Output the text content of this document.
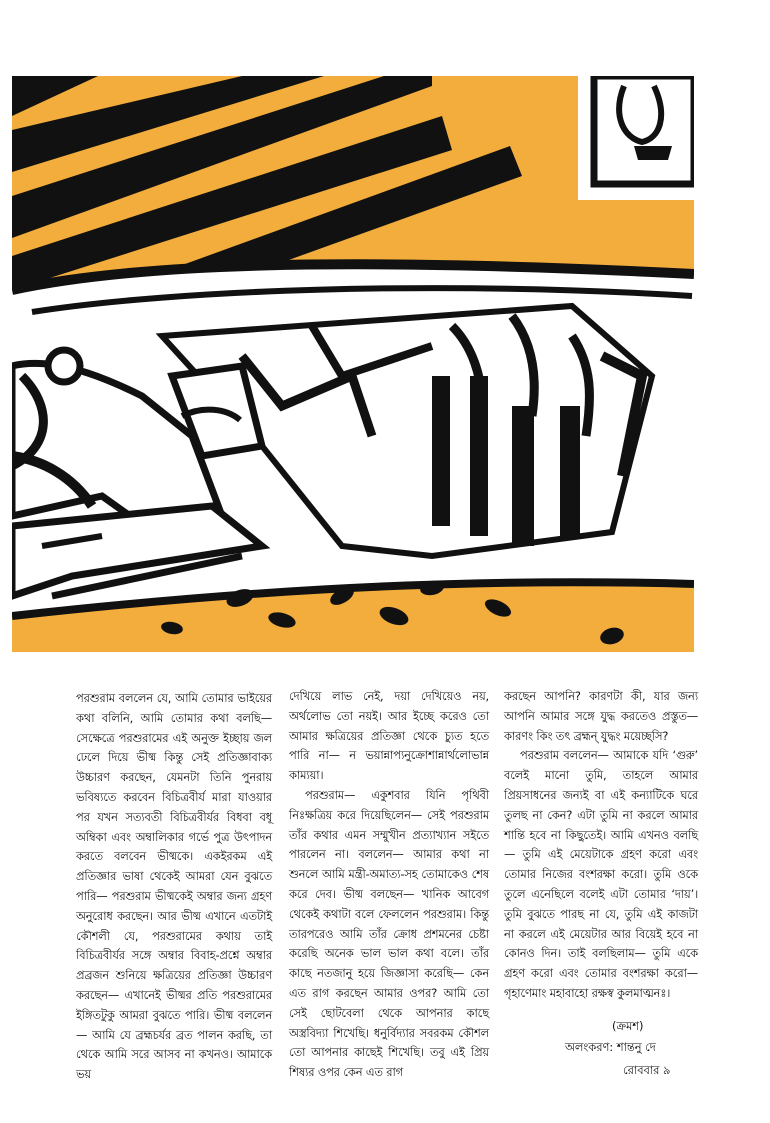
পরশুরাম বললেন যে, আমি তোমার ভাইয়ের কথা বলিনি, আমি তোমার কথা বলছি— সেক্ষেত্রে পরশুরামের এই অনুক্ত ইচ্ছায় জল ঢেলে দিয়ে ভীষ্ম কিন্তু সেই প্রতিজ্ঞাবাক্য উচ্চারণ করছেন, যেমনটা তিনি পুনরায় ভবিষ্যতে করবেন বিচিত্রবীর্য মারা যাওয়ার পর যখন সত্যবতী বিচিত্রবীর্যর বিধবা বধূ অম্বিকা এবং অম্বালিকার গর্ভে পুত্র উৎপাদন করতে বলবেন ভীষ্মকে। একইরকম এই প্রতিজ্ঞার ভাষা থেকেই আমরা যেন বুঝতে পারি— পরশুরাম ভীষ্মকেই অম্বার জন্য গ্রহণ অনুরোধ করছেন। আর ভীষ্ম এখানে এতটাই কৌশলী যে, পরশুরামের কথায় তাই বিচিত্রবীর্যর সঙ্গে অম্বার বিবাহ-প্রশ্নে অম্বার প্রব্রজন শুনিয়ে ক্ষত্রিয়ের প্রতিজ্ঞা উচ্চারণ করছেন— এখানেই ভীষ্মর প্রতি পরশুরামের ইঙ্গিতটুকু আমরা বুঝতে পারি। ভীষ্ম বললেন— আমি যে ব্রহ্মচর্যর ব্রত পালন করছি, তা থেকে আমি সরে আসব না কখনও। আমাকে ভয়

দেখিয়ে লাভ নেই, দয়া দেখিয়েও নয়, অর্থলোভ তো নয়ই। আর ইচ্ছে করেও তো আমার ক্ষত্রিয়ের প্রতিজ্ঞা থেকে চ্যুত হতে পারি না— ন ভয়ান্নাপ্যনুক্রোশান্নার্থলোভান্ন কাম্যয়া।

পরশুরাম— একুশবার যিনি পৃথিবী নিঃক্ষত্রিয় করে দিয়েছিলেন— সেই পরশুরাম তাঁর কথার এমন সম্মুখীন প্রত্যাখ্যান সইতে পারলেন না। বললেন— আমার কথা না শুনলে আমি মন্ত্রী-অমাত্য-সহ তোমাকেও শেষ করে দেব। ভীষ্ম বলছেন— খানিক আবেগ থেকেই কথাটা বলে ফেললেন পরশুরাম। কিন্তু তারপরেও আমি তাঁর ক্রোধ প্রশমনের চেষ্টা করেছি অনেক ভাল ভাল কথা বলে। তাঁর কাছে নতজানু হয়ে জিজ্ঞাসা করেছি— কেন এত রাগ করছেন আমার ওপর? আমি তো সেই ছোটবেলা থেকে আপনার কাছে অস্ত্রবিদ্যা শিখেছি। ধনুর্বিদ্যার সবরকম কৌশল তো আপনার কাছেই শিখেছি। তবু এই প্রিয় শিষ্যর ওপর কেন এত রাগ

করছেন আপনি? কারণটা কী, যার জন্য আপনি আমার সঙ্গে যুদ্ধ করতেও প্রস্তুত— কারণং কিং তৎ ব্রহ্মন্‌ যুদ্ধং ময়েচ্ছসি?

পরশুরাম বললেন— আমাকে যদি ‘গুরু’ বলেই মানো তুমি, তাহলে আমার প্রিয়সাধনের জন্যই বা এই কন্যাটিকে ঘরে তুলছ না কেন? এটা তুমি না করলে আমার শান্তি হবে না কিছুতেই। আমি এখনও বলছি— তুমি এই মেয়েটাকে গ্রহণ করো এবং তোমার নিজের বংশরক্ষা করো। তুমি ওকে তুলে এনেছিলে বলেই এটা তোমার ‘দায়’। তুমি বুঝতে পারছ না যে, তুমি এই কাজটা না করলে এই মেয়েটার আর বিয়েই হবে না কোনও দিন। তাই বলছিলাম— তুমি একে গ্রহণ করো এবং তোমার বংশরক্ষা করো— গৃহাণেমাং মহাবাহো রক্ষস্ব কুলমাত্মনঃ।

(ক্রমশ)
অলংকরণ: শান্তনু দে
রোববার ৯
